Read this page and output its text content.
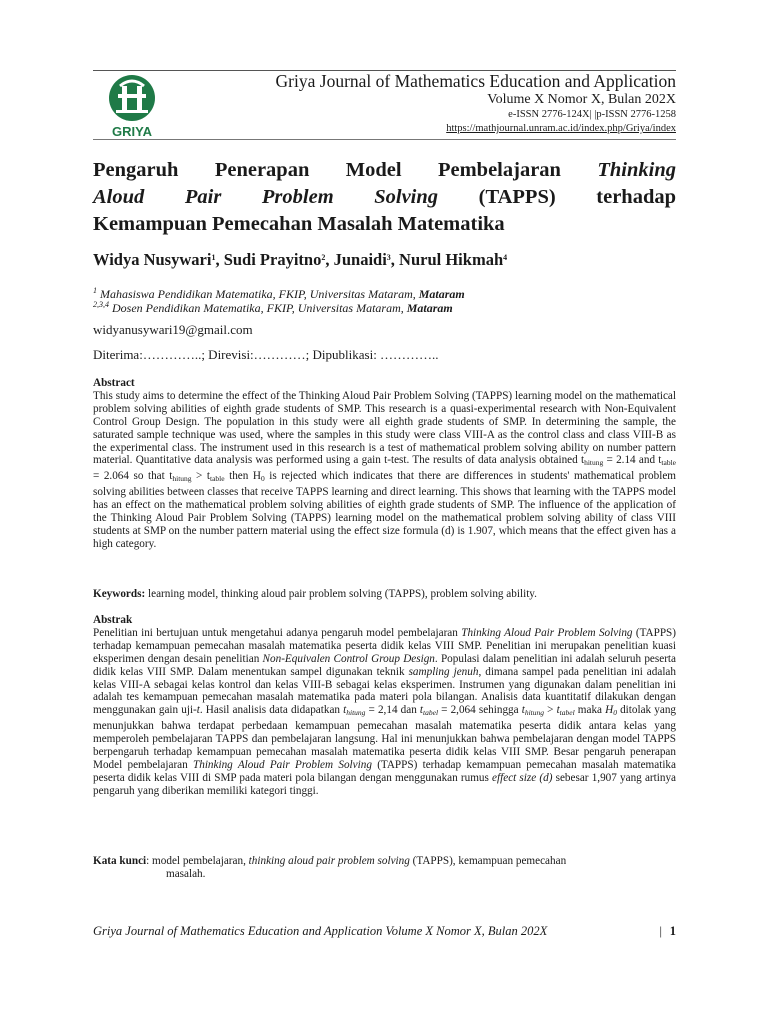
GRIYA
Griya Journal of Mathematics Education and Application
Volume X Nomor X, Bulan 202X
e-ISSN 2776-124X| |p-ISSN 2776-1258
https://mathjournal.unram.ac.id/index.php/Griya/index
Pengaruh Penerapan Model Pembelajaran Thinking
Aloud Pair Problem Solving (TAPPS) terhadap
Kemampuan Pemecahan Masalah Matematika
Widya Nusywari$^1$, Sudi Prayitno$^2$, Junaidi$^3$, Nurul Hikmah$^4$
$^1$ Mahasiswa Pendidikan Matematika, FKIP, Universitas Mataram, Mataram
$^{2,3,4}$ Dosen Pendidikan Matematika, FKIP, Universitas Mataram, Mataram
widyanusywari19@gmail.com
Diterima:…………..; Direvisi:…………; Dipublikasi: …………..
Abstract
This study aims to determine the effect of the Thinking Aloud Pair Problem Solving (TAPPS) learning model on the mathematical problem solving abilities of eighth grade students of SMP. This research is a quasi-experimental research with Non-Equivalent Control Group Design. The population in this study were all eighth grade students of SMP. In determining the sample, the saturated sample technique was used, where the samples in this study were class VIII-A as the control class and class VIII-B as the experimental class. The instrument used in this research is a test of mathematical problem solving ability on number pattern material. Quantitative data analysis was performed using a gain t-test. The results of data analysis obtained $t_{hitung} = 2.14$ and $t_{table} = 2.064$ so that $t_{hitung} > t_{table}$ then $H_0$ is rejected which indicates that there are differences in students' mathematical problem solving abilities between classes that receive TAPPS learning and direct learning. This shows that learning with the TAPPS model has an effect on the mathematical problem solving abilities of eighth grade students of SMP. The influence of the application of the Thinking Aloud Pair Problem Solving (TAPPS) learning model on the mathematical problem solving ability of class VIII students at SMP on the number pattern material using the effect size formula (d) is 1.907, which means that the effect given has a high category.
Keywords: learning model, thinking aloud pair problem solving (TAPPS), problem solving ability.
Abstrak
Penelitian ini bertujuan untuk mengetahui adanya pengaruh model pembelajaran Thinking Aloud Pair Problem Solving (TAPPS) terhadap kemampuan pemecahan masalah matematika peserta didik kelas VIII SMP. Penelitian ini merupakan penelitian kuasi eksperimen dengan desain penelitian Non-Equivalen Control Group Design. Populasi dalam penelitian ini adalah seluruh peserta didik kelas VIII SMP. Dalam menentukan sampel digunakan teknik sampling jenuh, dimana sampel pada penelitian ini adalah kelas VIII-A sebagai kelas kontrol dan kelas VIII-B sebagai kelas eksperimen. Instrumen yang digunakan dalam penelitian ini adalah tes kemampuan pemecahan masalah matematika pada materi pola bilangan. Analisis data kuantitatif dilakukan dengan menggunakan gain uji-t. Hasil analisis data didapatkan $t_{hitung} = 2,14$ dan $t_{tabel} = 2,064$ sehingga $t_{hitung} > t_{tabel}$ maka $H_0$ ditolak yang menunjukkan bahwa terdapat perbedaan kemampuan pemecahan masalah matematika peserta didik antara kelas yang memperoleh pembelajaran TAPPS dan pembelajaran langsung. Hal ini menunjukkan bahwa pembelajaran dengan model TAPPS berpengaruh terhadap kemampuan pemecahan masalah matematika peserta didik kelas VIII SMP. Besar pengaruh penerapan Model pembelajaran Thinking Aloud Pair Problem Solving (TAPPS) terhadap kemampuan pemecahan masalah matematika peserta didik kelas VIII di SMP pada materi pola bilangan dengan menggunakan rumus effect size (d) sebesar 1,907 yang artinya pengaruh yang diberikan memiliki kategori tinggi.
Kata kunci: model pembelajaran, thinking aloud pair problem solving (TAPPS), kemampuan pemecahan
masalah.
Griya Journal of Mathematics Education and Application Volume X Nomor X, Bulan 202X	| 1
